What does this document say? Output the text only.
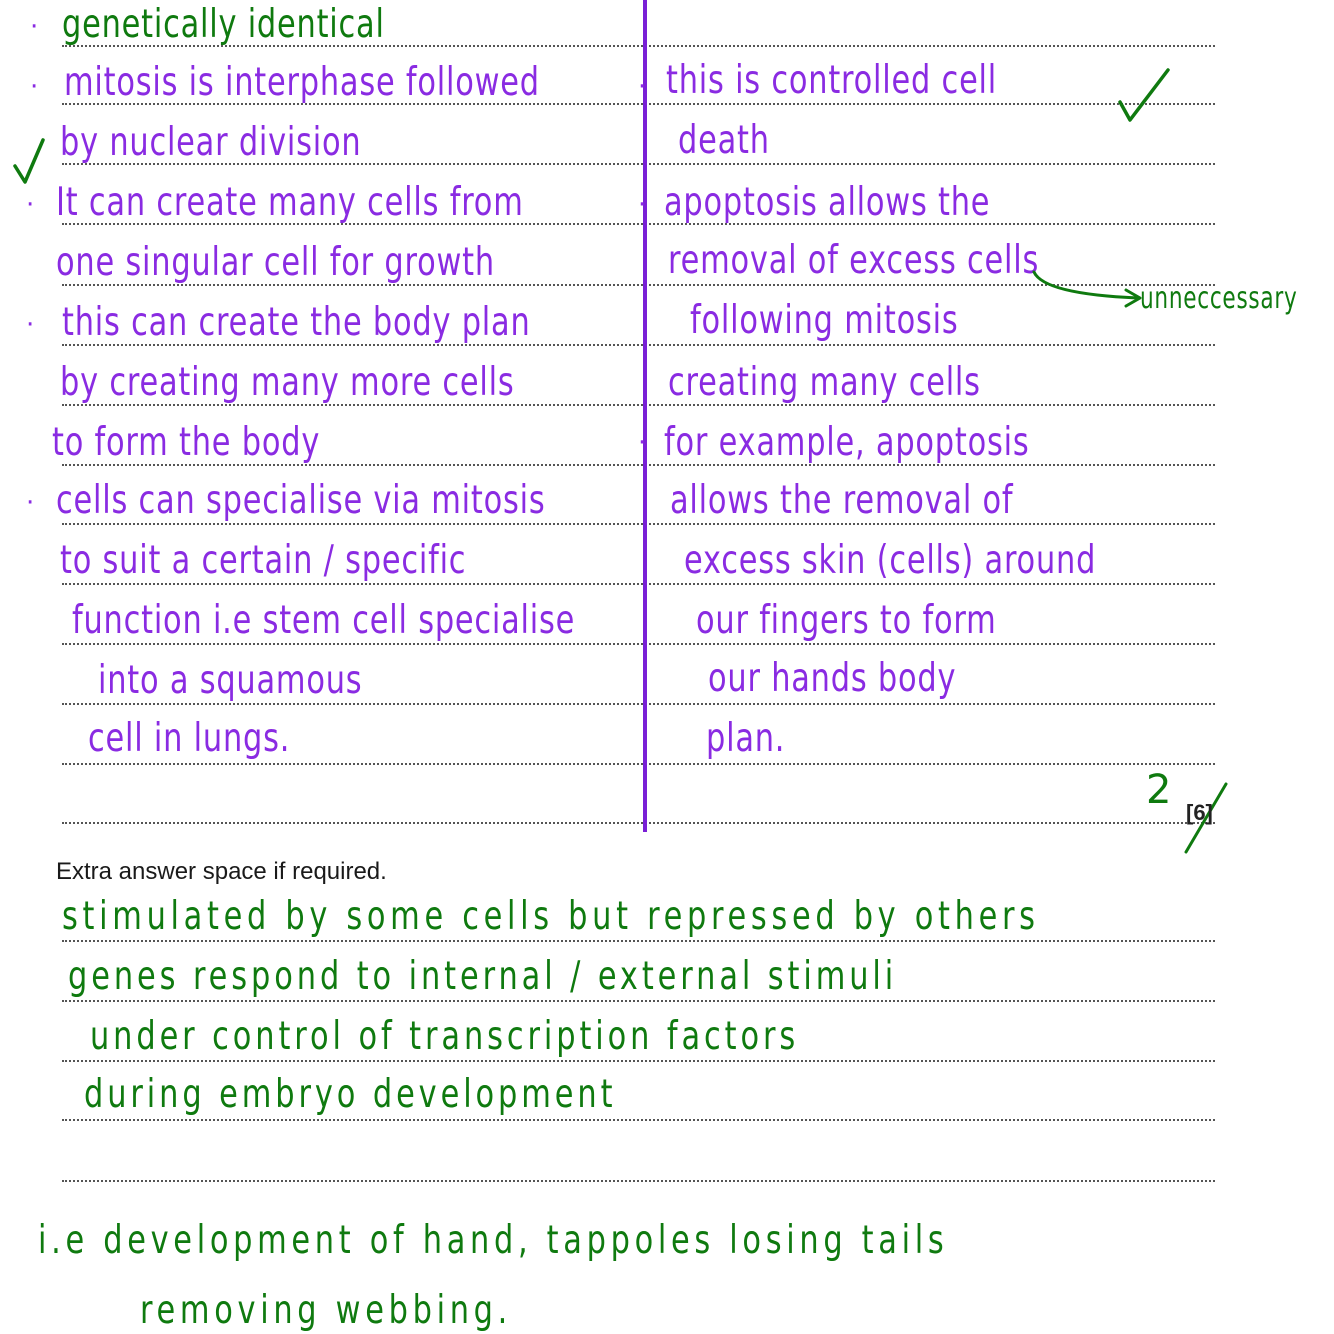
·
·
·
·
·
·
·
·
genetically identical
mitosis is interphase followed
by nuclear division
It can create many cells from
one singular cell for growth
this can create the body plan
by creating many more cells
to form the body
cells can specialise via mitosis
to suit a certain / specific
function i.e stem cell specialise
into a squamous
cell in lungs.
this is controlled cell
death
apoptosis allows the
removal of excess cells
following mitosis
creating many cells
for example, apoptosis
allows the removal of
excess skin (cells) around
our fingers to form
our hands body
plan.
unneccessary
2 [6]
Extra answer space if required.
stimulated by some cells but repressed by others
genes respond to internal / external stimuli
under control of transcription factors
during embryo development
i.e development of hand, tappoles losing tails
removing webbing.
